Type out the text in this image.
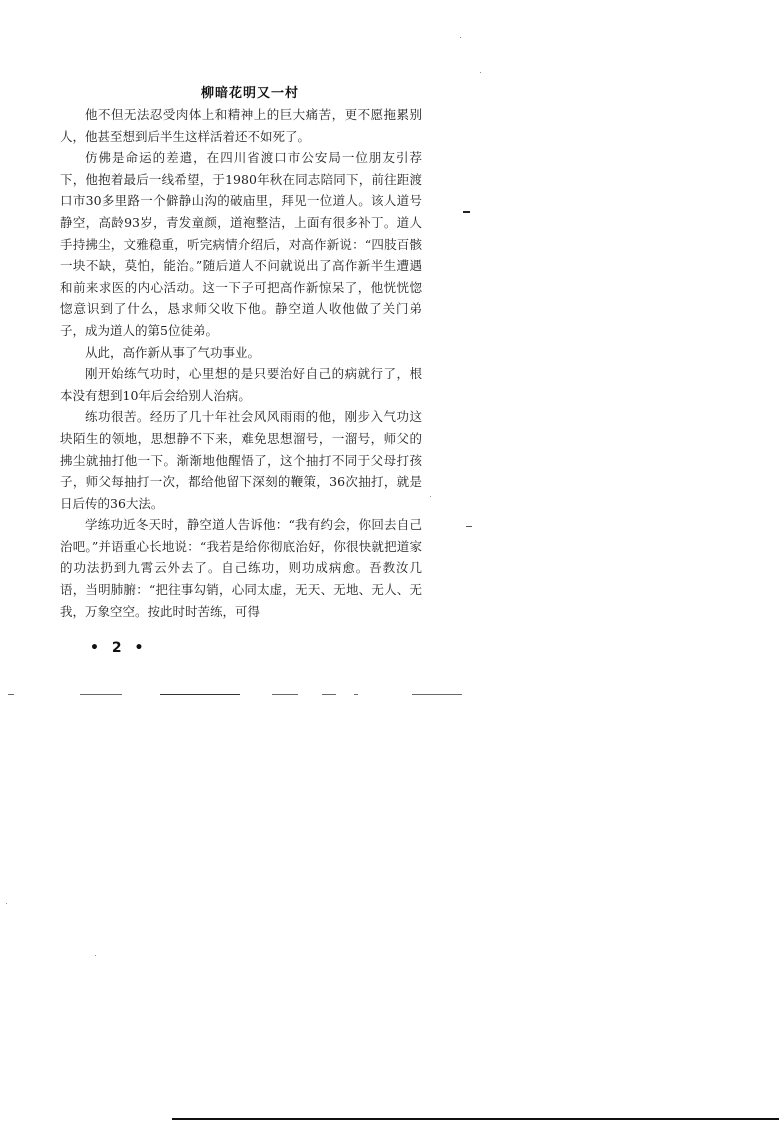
柳暗花明又一村

他不但无法忍受肉体上和精神上的巨大痛苦，更不愿拖累别人，他甚至想到后半生这样活着还不如死了。

仿佛是命运的差遣，在四川省渡口市公安局一位朋友引荐下，他抱着最后一线希望，于1980年秋在同志陪同下，前往距渡口市30多里路一个僻静山沟的破庙里，拜见一位道人。该人道号静空，高龄93岁，青发童颜，道袍整洁，上面有很多补丁。道人手持拂尘，文雅稳重，听完病情介绍后，对高作新说：“四肢百骸一块不缺，莫怕，能治。”随后道人不问就说出了高作新半生遭遇和前来求医的内心活动。这一下子可把高作新惊呆了，他恍恍惚惚意识到了什么，恳求师父收下他。静空道人收他做了关门弟子，成为道人的第5位徒弟。

从此，高作新从事了气功事业。

刚开始练气功时，心里想的是只要治好自己的病就行了，根本没有想到10年后会给别人治病。

练功很苦。经历了几十年社会风风雨雨的他，刚步入气功这块陌生的领地，思想静不下来，难免思想溜号，一溜号，师父的拂尘就抽打他一下。渐渐地他醒悟了，这个抽打不同于父母打孩子，师父每抽打一次，都给他留下深刻的鞭策，36次抽打，就是日后传的36大法。

学练功近冬天时，静空道人告诉他：“我有约会，你回去自己治吧。”并语重心长地说：“我若是给你彻底治好，你很快就把道家的功法扔到九霄云外去了。自己练功，则功成病愈。吾教汝几语，当明肺腑：“把往事勾销，心同太虚，无天、无地、无人、无我，万象空空。按此时时苦练，可得

• 2 •
